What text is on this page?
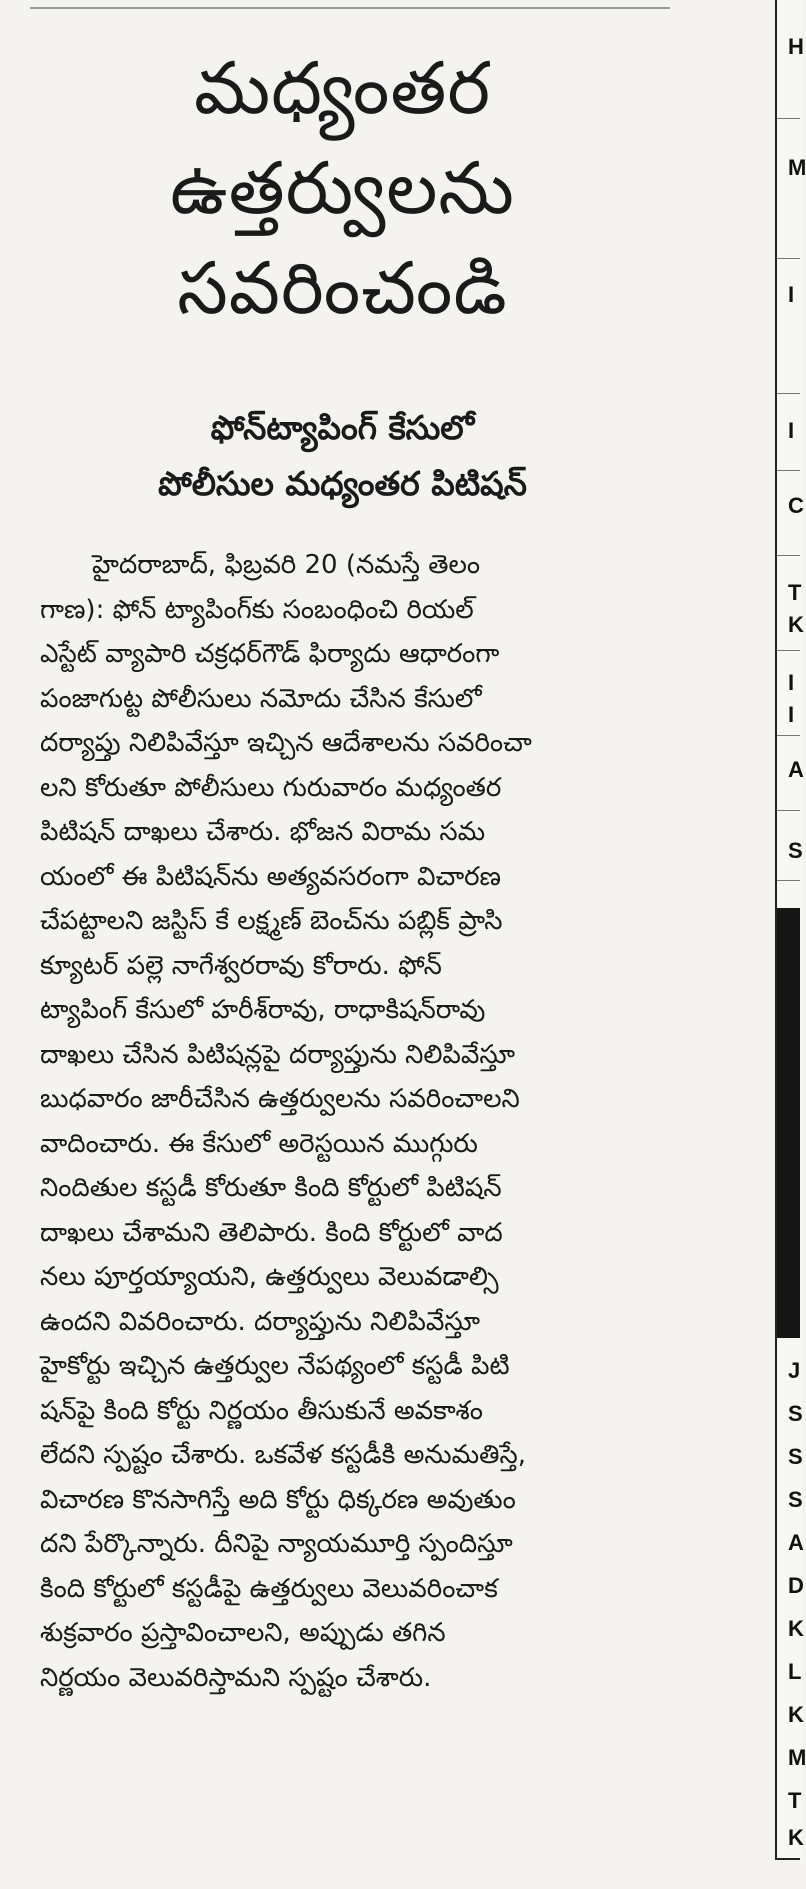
మధ్యంతర
ఉత్తర్వులను
సవరించండి
ఫోన్‌ట్యాపింగ్ కేసులో
పోలీసుల మధ్యంతర పిటిషన్
హైదరాబాద్, ఫిబ్రవరి 20 (నమస్తే తెలం
గాణ): ఫోన్ ట్యాపింగ్‌కు సంబంధించి రియల్
ఎస్టేట్ వ్యాపారి చక్రధర్‌గౌడ్ ఫిర్యాదు ఆధారంగా
పంజాగుట్ట పోలీసులు నమోదు చేసిన కేసులో
దర్యాప్తు నిలిపివేస్తూ ఇచ్చిన ఆదేశాలను సవరించా
లని కోరుతూ పోలీసులు గురువారం మధ్యంతర
పిటిషన్ దాఖలు చేశారు. భోజన విరామ సమ
యంలో ఈ పిటిషన్‌ను అత్యవసరంగా విచారణ
చేపట్టాలని జస్టిస్ కే లక్ష్మణ్ బెంచ్‌ను పబ్లిక్ ప్రాసి
క్యూటర్ పల్లె నాగేశ్వరరావు కోరారు. ఫోన్
ట్యాపింగ్ కేసులో హరీశ్‌రావు, రాధాకిషన్‌రావు
దాఖలు చేసిన పిటిషన్లపై దర్యాప్తును నిలిపివేస్తూ
బుధవారం జారీచేసిన ఉత్తర్వులను సవరించాలని
వాదించారు. ఈ కేసులో అరెస్టయిన ముగ్గురు
నిందితుల కస్టడీ కోరుతూ కింది కోర్టులో పిటిషన్
దాఖలు చేశామని తెలిపారు. కింది కోర్టులో వాద
నలు పూర్తయ్యాయని, ఉత్తర్వులు వెలువడాల్సి
ఉందని వివరించారు. దర్యాప్తును నిలిపివేస్తూ
హైకోర్టు ఇచ్చిన ఉత్తర్వుల నేపథ్యంలో కస్టడీ పిటి
షన్‌పై కింది కోర్టు నిర్ణయం తీసుకునే అవకాశం
లేదని స్పష్టం చేశారు. ఒకవేళ కస్టడీకి అనుమతిస్తే,
విచారణ కొనసాగిస్తే అది కోర్టు ధిక్కరణ అవుతుం
దని పేర్కొన్నారు. దీనిపై న్యాయమూర్తి స్పందిస్తూ
కింది కోర్టులో కస్టడీపై ఉత్తర్వులు వెలువరించాక
శుక్రవారం ప్రస్తావించాలని, అప్పుడు తగిన
నిర్ణయం వెలువరిస్తామని స్పష్టం చేశారు.
H
M
I
I
C
T
K
I
I
A
S
J
S
S
S
A
D
K
L
K
M
T
K
